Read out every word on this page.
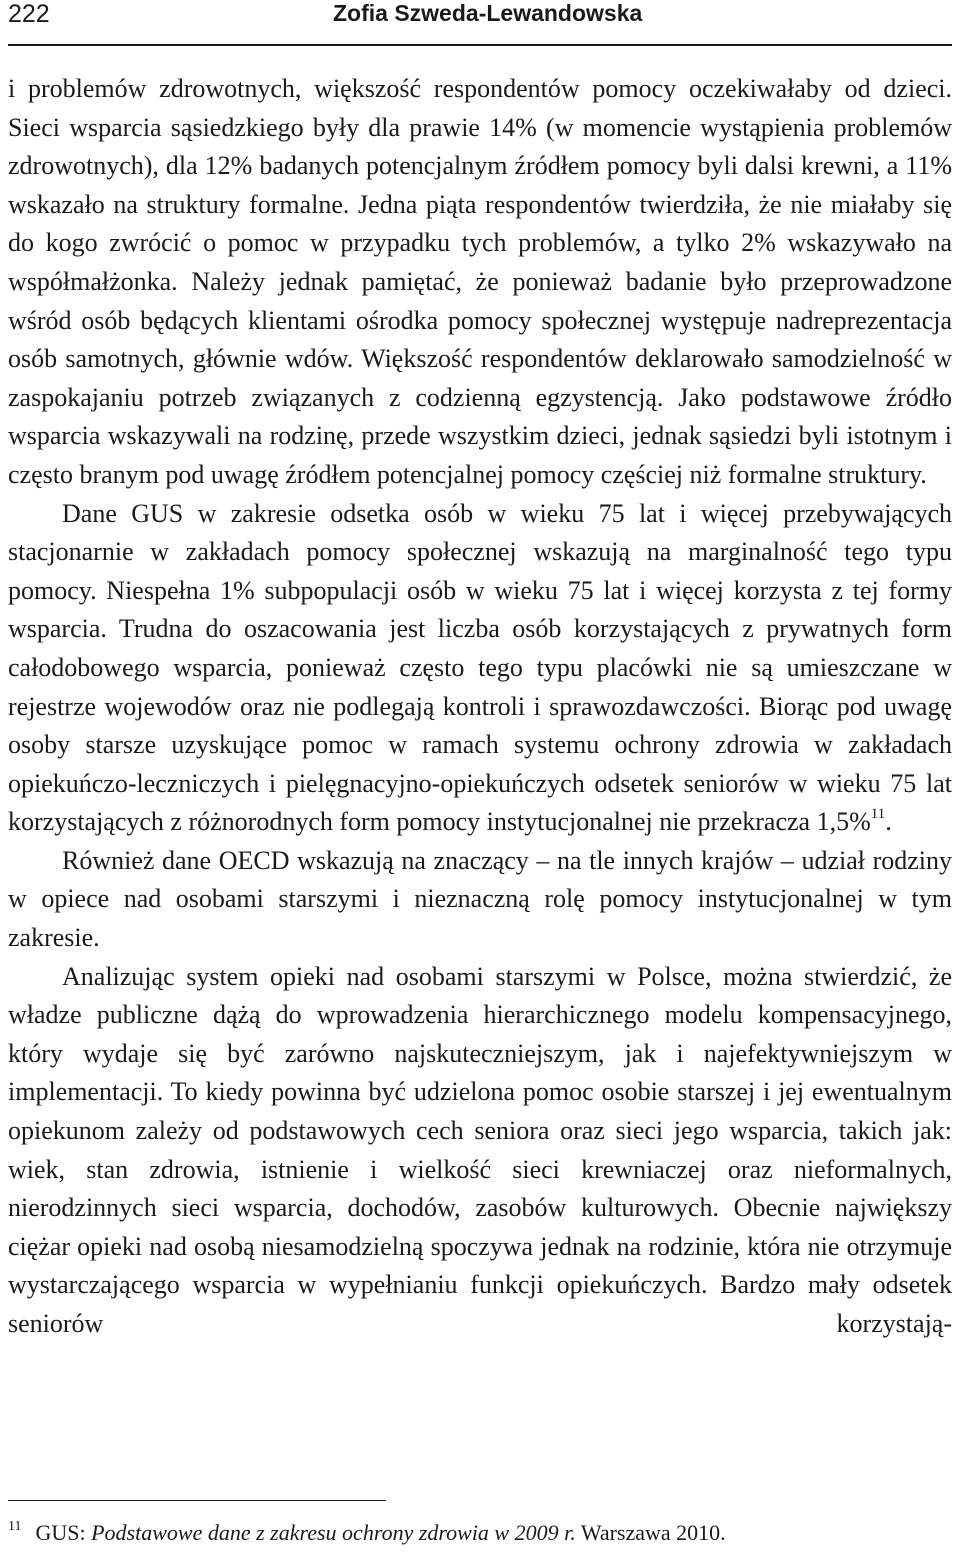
222	Zofia Szweda-Lewandowska

i problemów zdrowotnych, większość respondentów pomocy oczekiwałaby od dzieci. Sieci wsparcia sąsiedzkiego były dla prawie 14% (w momencie wystąpienia problemów zdrowotnych), dla 12% badanych potencjalnym źródłem pomocy byli dalsi krewni, a 11% wskazało na struktury formalne. Jedna piąta respondentów twierdziła, że nie miałaby się do kogo zwrócić o pomoc w przypadku tych problemów, a tylko 2% wskazywało na współmałżonka. Należy jednak pamiętać, że ponieważ badanie było przeprowadzone wśród osób będących klientami ośrodka pomocy społecznej występuje nadreprezentacja osób samotnych, głównie wdów. Większość respondentów deklarowało samodzielność w zaspokajaniu potrzeb związanych z codzienną egzystencją. Jako podstawowe źródło wsparcia wskazywali na rodzinę, przede wszystkim dzieci, jednak sąsiedzi byli istotnym i często branym pod uwagę źródłem potencjalnej pomocy częściej niż formalne struktury.

Dane GUS w zakresie odsetka osób w wieku 75 lat i więcej przebywających stacjonarnie w zakładach pomocy społecznej wskazują na marginalność tego typu pomocy. Niespełna 1% subpopulacji osób w wieku 75 lat i więcej korzysta z tej formy wsparcia. Trudna do oszacowania jest liczba osób korzystających z prywatnych form całodobowego wsparcia, ponieważ często tego typu placówki nie są umieszczane w rejestrze wojewodów oraz nie podlegają kontroli i sprawozdawczości. Biorąc pod uwagę osoby starsze uzyskujące pomoc w ramach systemu ochrony zdrowia w zakładach opiekuńczo-leczniczych i pielęgnacyjno-opiekuńczych odsetek seniorów w wieku 75 lat korzystających z różnorodnych form pomocy instytucjonalnej nie przekracza 1,5%$^{11}$.

Również dane OECD wskazują na znaczący – na tle innych krajów – udział rodziny w opiece nad osobami starszymi i nieznaczną rolę pomocy instytucjonalnej w tym zakresie.

Analizując system opieki nad osobami starszymi w Polsce, można stwierdzić, że władze publiczne dążą do wprowadzenia hierarchicznego modelu kompensacyjnego, który wydaje się być zarówno najskuteczniejszym, jak i najefektywniejszym w implementacji. To kiedy powinna być udzielona pomoc osobie starszej i jej ewentualnym opiekunom zależy od podstawowych cech seniora oraz sieci jego wsparcia, takich jak: wiek, stan zdrowia, istnienie i wielkość sieci krewniaczej oraz nieformalnych, nierodzinnych sieci wsparcia, dochodów, zasobów kulturowych. Obecnie największy ciężar opieki nad osobą niesamodzielną spoczywa jednak na rodzinie, która nie otrzymuje wystarczającego wsparcia w wypełnianiu funkcji opiekuńczych. Bardzo mały odsetek seniorów korzystają-

$^{11}$ GUS: Podstawowe dane z zakresu ochrony zdrowia w 2009 r. Warszawa 2010.
